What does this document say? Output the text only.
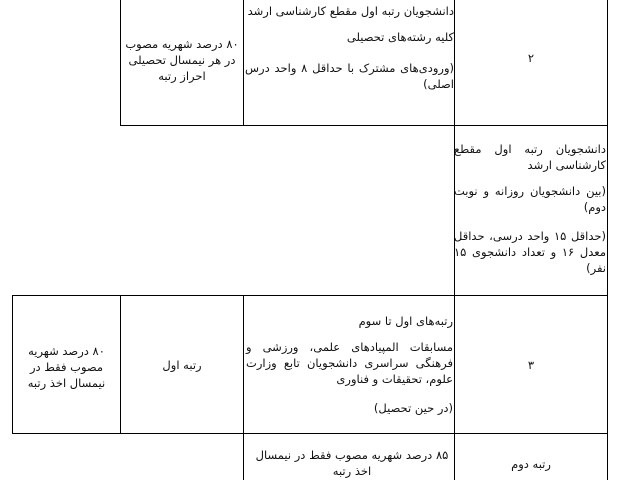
دانشجویان رتبه اول مقطع کارشناسی ارشد

کلیه رشته‌های تحصیلی

(ورودی‌های مشترک با حداقل ۸ واحد درس اصلی)

۸۰ درصد شهریه مصوب در هر نیمسال تحصیلی احراز رتبه

۲

دانشجویان رتبه اول مقطع کارشناسی ارشد

(بین دانشجویان روزانه و نوبت دوم)

(حداقل ۱۵ واحد درسی، حداقل معدل ۱۶ و تعداد دانشجوی ۱۵ نفر)

رتبه‌های اول تا سوم

مسابقات المپیادهای علمی، ورزشی و فرهنگی سراسری دانشجویان تابع وزارت علوم، تحقیقات و فناوری

(در حین تحصیل)

رتبه اول

۸۰ درصد شهریه مصوب فقط در نیمسال اخذ رتبه

۳

رتبه دوم

۸۵ درصد شهریه مصوب فقط در نیمسال اخذ رتبه
